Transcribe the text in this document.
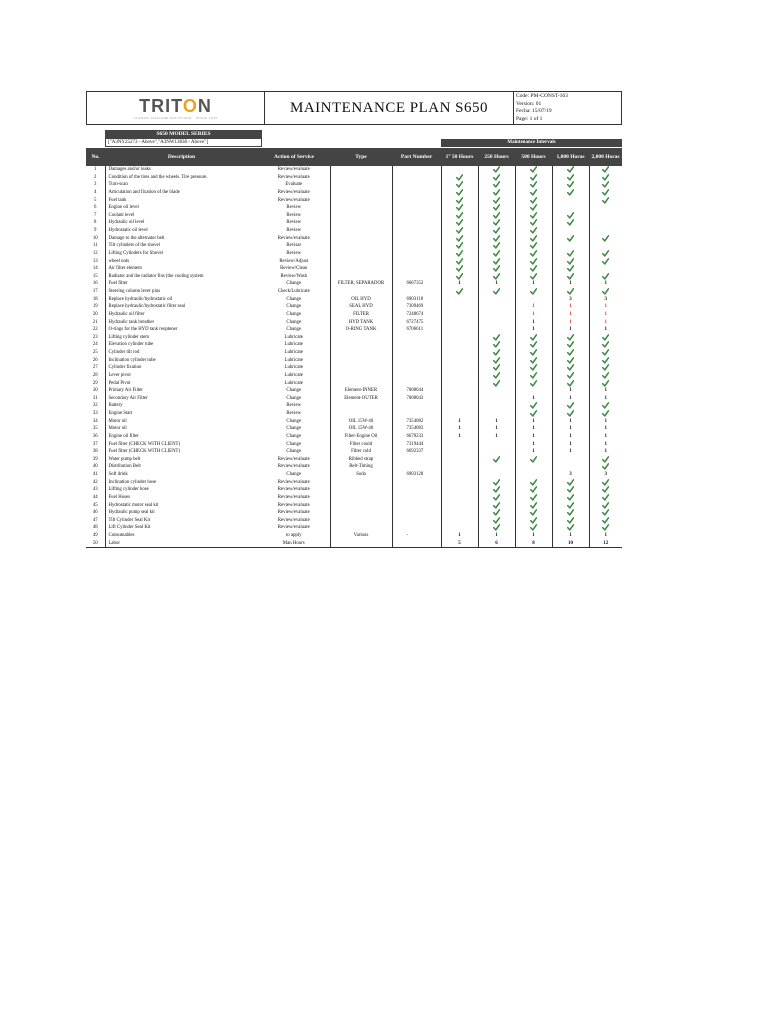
TRITON
CLASSIC MACHINE SOLUTIONS · SINCE 1976
MAINTENANCE PLAN S650
Code: PM-CONST-163
Version: 01
Fecha: 15/07/19
Page: 1 of 1
S650 MODEL SERIES
["A3NY25273 - Above","A3NW13838 - Above"]	Maintenance Intervals
No.	Description	Action of Service	Type	Part Number	1° 50 Hours	250 Hours	500 Hours	1,000 Horas	2,000 Horas
1	Damages and/or leaks	Review/evaluate							
2	Condition of the tires and the wheels. Tire pressure.	Review/evaluate							
3	Turn-scan	Evaluate							
4	Articulation and fixation of the blade	Review/evaluate							
5	Fuel tank	Review/evaluate							
6	Engine oil level	Review							
7	Coolant level	Review							
8	Hydraulic oil level	Review							
9	Hydrostatic oil level	Review							
10	Damage to the alternator belt	Review/evaluate							
11	Tilt cylinders of the shovel	Revisar							
12	Lifting Cylinders for Shovel	Review							
13	wheel nuts	Review/Adjust							
14	Air filter element	Review/Clean							
15	Radiator and the radiator fins (the cooling system	Review/Wash							
16	Fuel filter	Change	FILTER, SEPARADOR	6667352	1	1	1	1	1
17	Steering column lever pins	Check/Lubricate							
18	Replace hydraulic/hydrostatic oil	Change	OIL HYD	6903118				3	3
19	Replace hydraulic/hydrostatic filter seal	Change	SEAL HYD	7309469			1	1	1
20	Hydraulic oil filter	Change	FILTER	7248674			1	1	1
21	Hydraulic tank breather	Change	HYD TANK	6727475			1	1	1
22	O-rings for the HYD tank reoptener	Change	O-RING TANK	6706611			1	1	1
23	Lifting cylinder stem	Lubricate							
24	Elevation cylinder tube	Lubricate							
25	Cylinder tilt rod	Lubricate							
26	Inclination cylinder tube	Lubricate							
27	Cylinder fixation	Lubricate							
28	Lever pivot	Lubricate							
29	Pedal Pivot	Lubricate							
30	Primary Air Filter	Change	Element-INNER	7008044				1	1
31	Secondary Air Filter	Change	Element-OUTER	7008043			1	1	1
32	Battery	Review							
33	Engine Start	Review							
34	Motor oil	Change	OIL 15W-40	7354082	1	1	1	1	1
35	Motor oil	Change	OIL 15W-40	7354083	1	1	1	1	1
36	Engine oil filter	Change	Filter-Engine Oil	6678233	1	1	1	1	1
37	Fuel filter (CHECK WITH CLIENT)	Change	Filter could	7319444			1	1	1
38	Fuel filter (CHECK WITH CLIENT)	Change	Filter cold	6692337			1	1	1
39	Water pump belt	Review/evaluate	Ribbed strap						
40	Distribution Belt	Review/evaluate	Belt-Timing						
41	Soft drink	Change	Soda	6903128				3	3
42	Inclination cylinder hose	Review/evaluate							
43	Lifting cylinder hose	Review/evaluate							
44	Fuel Hoses	Review/evaluate							
45	Hydrostatic motor seal kit	Review/evaluate							
46	Hydraulic pump seal kit	Review/evaluate							
47	Tilt Cylinder Seal Kit	Review/evaluate							
48	Lift Cylinder Seal Kit	Review/evaluate							
49	Consumables	to apply	Various	-	1	1	1	1	1
50	Labor	Man Hours			5	6	8	10	12
